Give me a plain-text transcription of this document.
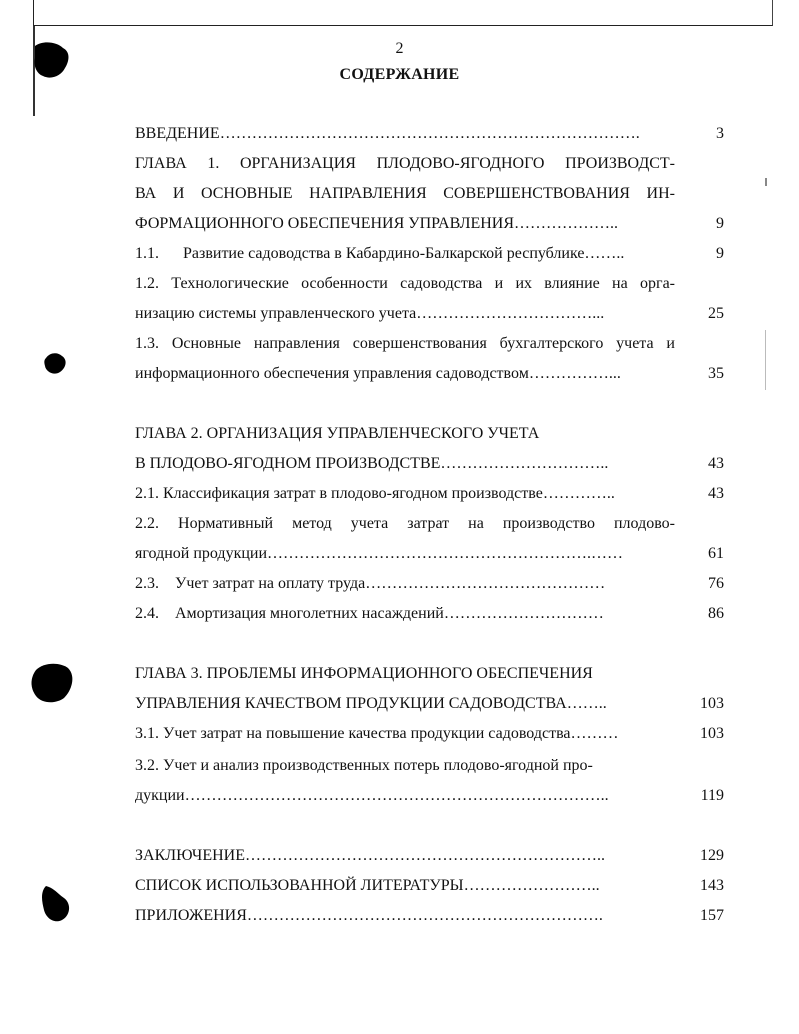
2
СОДЕРЖАНИЕ
ВВЕДЕНИЕ…………………………………………………………………….	3
ГЛАВА 1. ОРГАНИЗАЦИЯ ПЛОДОВО-ЯГОДНОГО ПРОИЗВОДСТ-
ВА И ОСНОВНЫЕ НАПРАВЛЕНИЯ СОВЕРШЕНСТВОВАНИЯ ИН-
ФОРМАЦИОННОГО ОБЕСПЕЧЕНИЯ УПРАВЛЕНИЯ………………..	9
1.1. Развитие садоводства в Кабардино-Балкарской республике……..	9
1.2. Технологические особенности садоводства и их влияние на орга-
низацию системы управленческого учета……………………………...	25
1.3. Основные направления совершенствования бухгалтерского учета и
информационного обеспечения управления садоводством……………...	35
ГЛАВА 2. ОРГАНИЗАЦИЯ УПРАВЛЕНЧЕСКОГО УЧЕТА
В ПЛОДОВО-ЯГОДНОМ ПРОИЗВОДСТВЕ…………………………..	43
2.1. Классификация затрат в плодово-ягодном производстве…………..	43
2.2. Нормативный метод учета затрат на производство плодово-
ягодной продукции…………………………………………………….……	61
2.3. Учет затрат на оплату труда………………………………………	76
2.4. Амортизация многолетних насаждений…………………………	86
ГЛАВА 3. ПРОБЛЕМЫ ИНФОРМАЦИОННОГО ОБЕСПЕЧЕНИЯ
УПРАВЛЕНИЯ КАЧЕСТВОМ ПРОДУКЦИИ САДОВОДСТВА……..	103
3.1. Учет затрат на повышение качества продукции садоводства………	103
3.2. Учет и анализ производственных потерь плодово-ягодной про-
дукции……………………………………………………………………..	119
ЗАКЛЮЧЕНИЕ…………………………………………………………..	129
СПИСОК ИСПОЛЬЗОВАННОЙ ЛИТЕРАТУРЫ……………………..	143
ПРИЛОЖЕНИЯ………………………………………………………….	157
